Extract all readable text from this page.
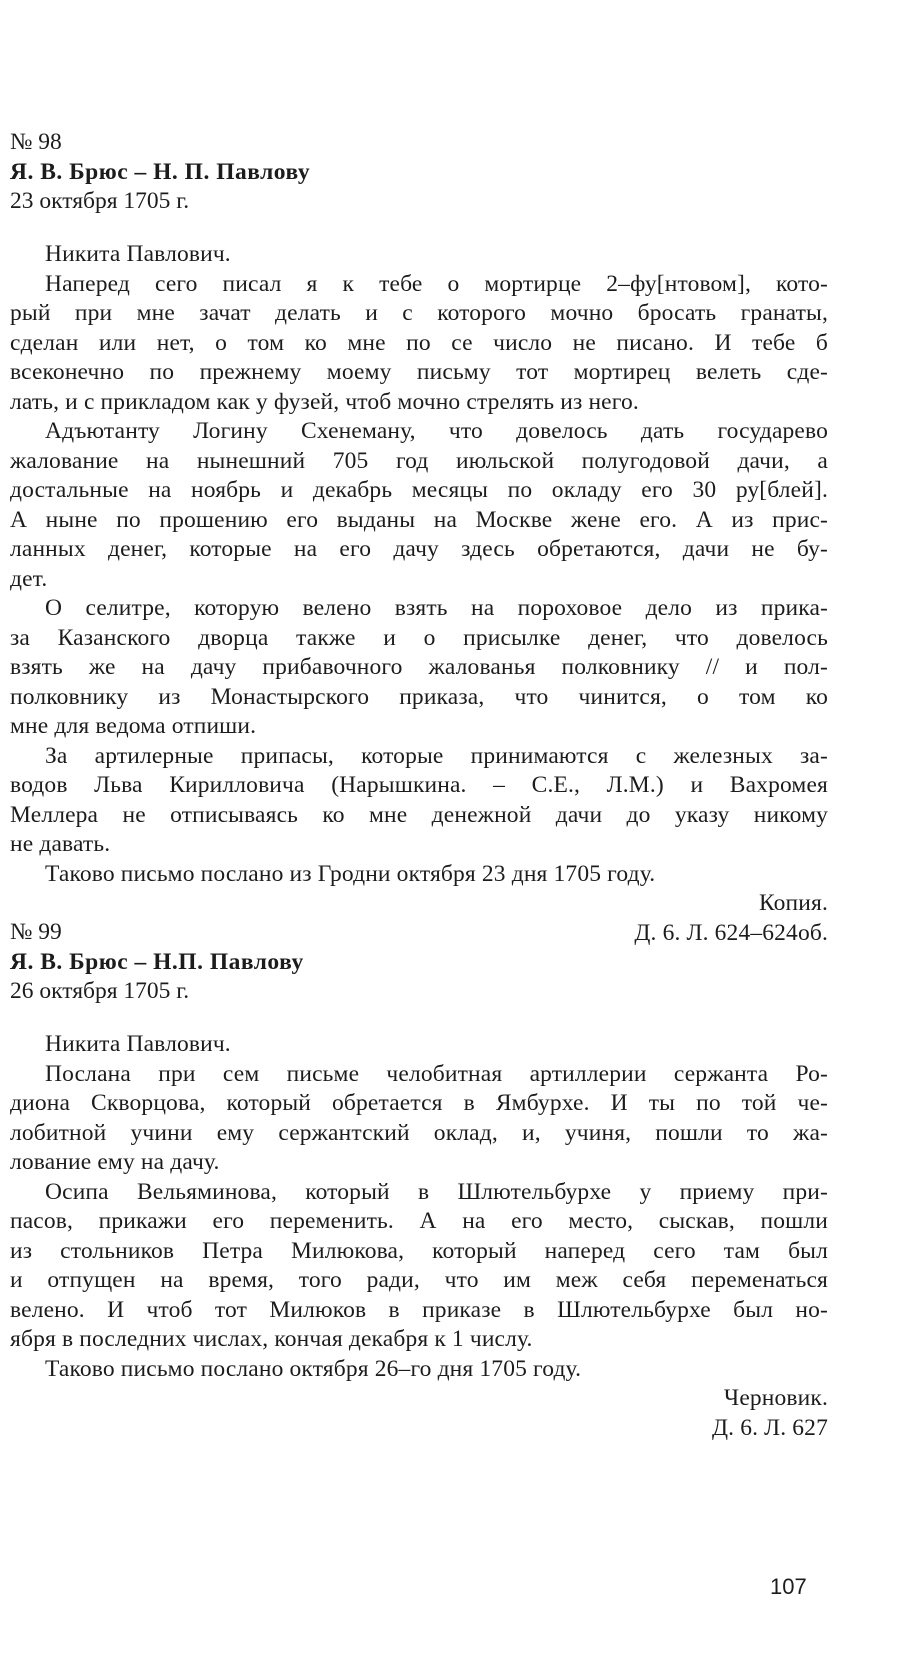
№ 98
Я. В. Брюс – Н. П. Павлову
23 октября 1705 г.
Никита Павлович.
Наперед сего писал я к тебе о мортирце 2–фу[нтовом], кото-
рый при мне зачат делать и с которого мочно бросать гранаты,
сделан или нет, о том ко мне по се число не писано. И тебе б
всеконечно по прежнему моему письму тот мортирец велеть сде-
лать, и с прикладом как у фузей, чтоб мочно стрелять из него.
Адъютанту Логину Схенеману, что довелось дать государево
жалование на нынешний 705 год июльской полугодовой дачи, а
достальные на ноябрь и декабрь месяцы по окладу его 30 ру[блей].
А ныне по прошению его выданы на Москве жене его. А из прис-
ланных денег, которые на его дачу здесь обретаются, дачи не бу-
дет.
О селитре, которую велено взять на пороховое дело из прика-
за Казанского дворца также и о присылке денег, что довелось
взять же на дачу прибавочного жалованья полковнику // и пол-
полковнику из Монастырского приказа, что чинится, о том ко
мне для ведома отпиши.
За артилерные припасы, которые принимаются с железных за-
водов Льва Кирилловича (Нарышкина. – С.Е., Л.М.) и Вахромея
Меллера не отписываясь ко мне денежной дачи до указу никому
не давать.
Таково письмо послано из Гродни октября 23 дня 1705 году.
Копия.
Д. 6. Л. 624–624об.
№ 99
Я. В. Брюс – Н.П. Павлову
26 октября 1705 г.
Никита Павлович.
Послана при сем письме челобитная артиллерии сержанта Ро-
диона Скворцова, который обретается в Ямбурхе. И ты по той че-
лобитной учини ему сержантский оклад, и, учиня, пошли то жа-
лование ему на дачу.
Осипа Вельяминова, который в Шлютельбурхе у приему при-
пасов, прикажи его переменить. А на его место, сыскав, пошли
из стольников Петра Милюкова, который наперед сего там был
и отпущен на время, того ради, что им меж себя переменаться
велено. И чтоб тот Милюков в приказе в Шлютельбурхе был но-
ября в последних числах, кончая декабря к 1 числу.
Таково письмо послано октября 26–го дня 1705 году.
Черновик.
Д. 6. Л. 627
107
